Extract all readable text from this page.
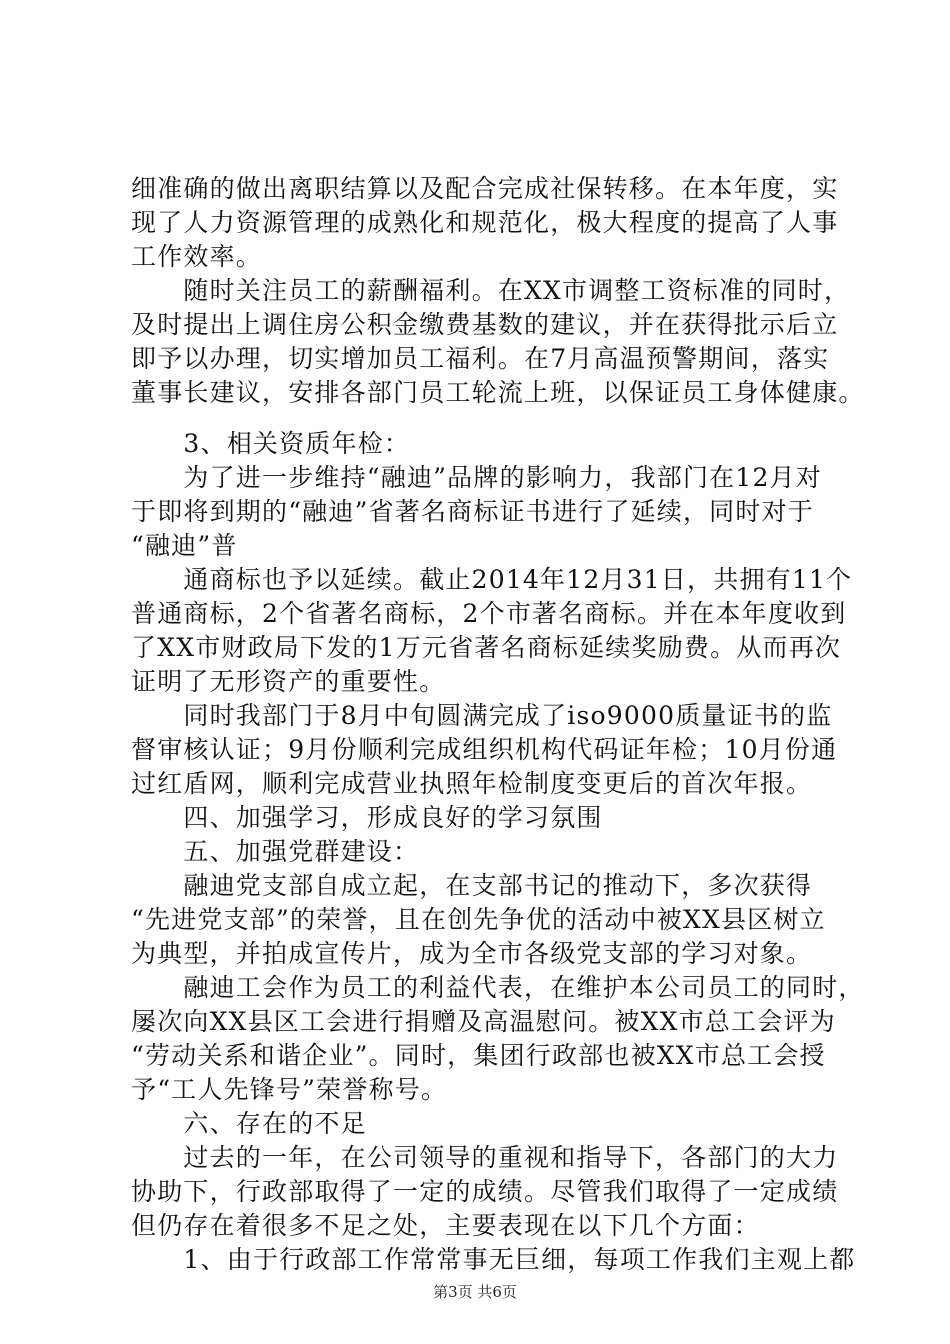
细准确的做出离职结算以及配合完成社保转移。在本年度，实
现了人力资源管理的成熟化和规范化，极大程度的提高了人事
工作效率。
　　随时关注员工的薪酬福利。在XX市调整工资标准的同时，
及时提出上调住房公积金缴费基数的建议，并在获得批示后立
即予以办理，切实增加员工福利。在7月高温预警期间，落实
董事长建议，安排各部门员工轮流上班，以保证员工身体健康。
　　3、相关资质年检：
　　为了进一步维持“融迪”品牌的影响力，我部门在12月对
于即将到期的“融迪”省著名商标证书进行了延续，同时对于
“融迪”普
　　通商标也予以延续。截止2014年12月31日，共拥有11个
普通商标，2个省著名商标，2个市著名商标。并在本年度收到
了XX市财政局下发的1万元省著名商标延续奖励费。从而再次
证明了无形资产的重要性。
　　同时我部门于8月中旬圆满完成了iso9000质量证书的监
督审核认证；9月份顺利完成组织机构代码证年检；10月份通
过红盾网，顺利完成营业执照年检制度变更后的首次年报。
　　四、加强学习，形成良好的学习氛围
　　五、加强党群建设：
　　融迪党支部自成立起，在支部书记的推动下，多次获得
“先进党支部”的荣誉，且在创先争优的活动中被XX县区树立
为典型，并拍成宣传片，成为全市各级党支部的学习对象。
　　融迪工会作为员工的利益代表，在维护本公司员工的同时，
屡次向XX县区工会进行捐赠及高温慰问。被XX市总工会评为
“劳动关系和谐企业”。同时，集团行政部也被XX市总工会授
予“工人先锋号”荣誉称号。
　　六、存在的不足
　　过去的一年，在公司领导的重视和指导下，各部门的大力
协助下，行政部取得了一定的成绩。尽管我们取得了一定成绩
但仍存在着很多不足之处，主要表现在以下几个方面：
　　1、由于行政部工作常常事无巨细，每项工作我们主观上都
第3页 共6页
